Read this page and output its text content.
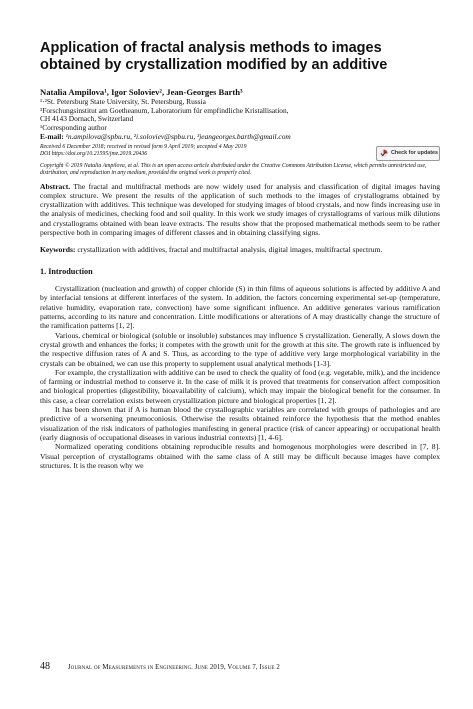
Application of fractal analysis methods to images obtained by crystallization modified by an additive
Natalia Ampilova¹, Igor Soloviev², Jean-Georges Barth³
¹·²St. Petersburg State University, St. Petersburg, Russia
³Forschungsinstitut am Goetheanum, Laboratorium für empfindliche Kristallisation,
CH 4143 Dornach, Switzerland
¹Corresponding author
E-mail: ¹n.ampilova@spbu.ru, ²i.soloviev@spbu.ru, ³jeangeorges.barth@gmail.com
Received 6 December 2018; received in revised form 9 April 2019; accepted 4 May 2019
DOI https://doi.org/10.21595/jme.2019.20436	Check for updates
Copyright © 2019 Natalia Ampilova, et al. This is an open access article distributed under the Creative Commons Attribution License, which permits unrestricted use, distribution, and reproduction in any medium, provided the original work is properly cited.

Abstract. The fractal and multifractal methods are now widely used for analysis and classification of digital images having complex structure. We present the results of the application of such methods to the images of crystallograms obtained by crystallization with additives. This technique was developed for studying images of blood crystals, and now finds increasing use in the analysis of medicines, checking food and soil quality. In this work we study images of crystallograms of various milk dilutions and crystallograms obtained with bean leave extracts. The results show that the proposed mathematical methods seem to be rather perspective both in comparing images of different classes and in obtaining classifying signs.

Keywords: crystallization with additives, fractal and multifractal analysis, digital images, multifractal spectrum.

1. Introduction

Crystallization (nucleation and growth) of copper chloride (S) in thin films of aqueous solutions is affected by additive A and by interfacial tensions at different interfaces of the system. In addition, the factors concerning experimental set-up (temperature, relative humidity, evaporation rate, convection) have some significant influence. An additive generates various ramification patterns, according to its nature and concentration. Little modifications or alterations of A may drastically change the structure of the ramification patterns [1, 2].

Various, chemical or biological (soluble or insoluble) substances may influence S crystallization. Generally, A slows down the crystal growth and enhances the forks; it competes with the growth unit for the growth at this site. The growth rate is influenced by the respective diffusion rates of A and S. Thus, as according to the type of additive very large morphological variability in the crystals can be obtained, we can use this property to supplement usual analytical methods [1-3].

For example, the crystallization with additive can be used to check the quality of food (e.g. vegetable, milk), and the incidence of farming or industrial method to conserve it. In the case of milk it is proved that treatments for conservation affect composition and biological properties (digestibility, bioavailability of calcium), which may impair the biological benefit for the consumer. In this case, a clear correlation exists between crystallization picture and biological properties [1, 2].

It has been shown that if A is human blood the crystallographic variables are correlated with groups of pathologies and are predictive of a worsening pneumoconiosis. Otherwise the results obtained reinforce the hypothesis that the method enables visualization of the risk indicators of pathologies manifesting in general practice (risk of cancer appearing) or occupational health (early diagnosis of occupational diseases in various industrial contexts) [1, 4-6].

Normalized operating conditions obtaining reproducible results and homogenous morphologies were described in [7, 8]. Visual perception of crystallograms obtained with the same class of A still may be difficult because images have complex structures. It is the reason why we

48	Journal of Measurements in Engineering. June 2019, Volume 7, Issue 2
